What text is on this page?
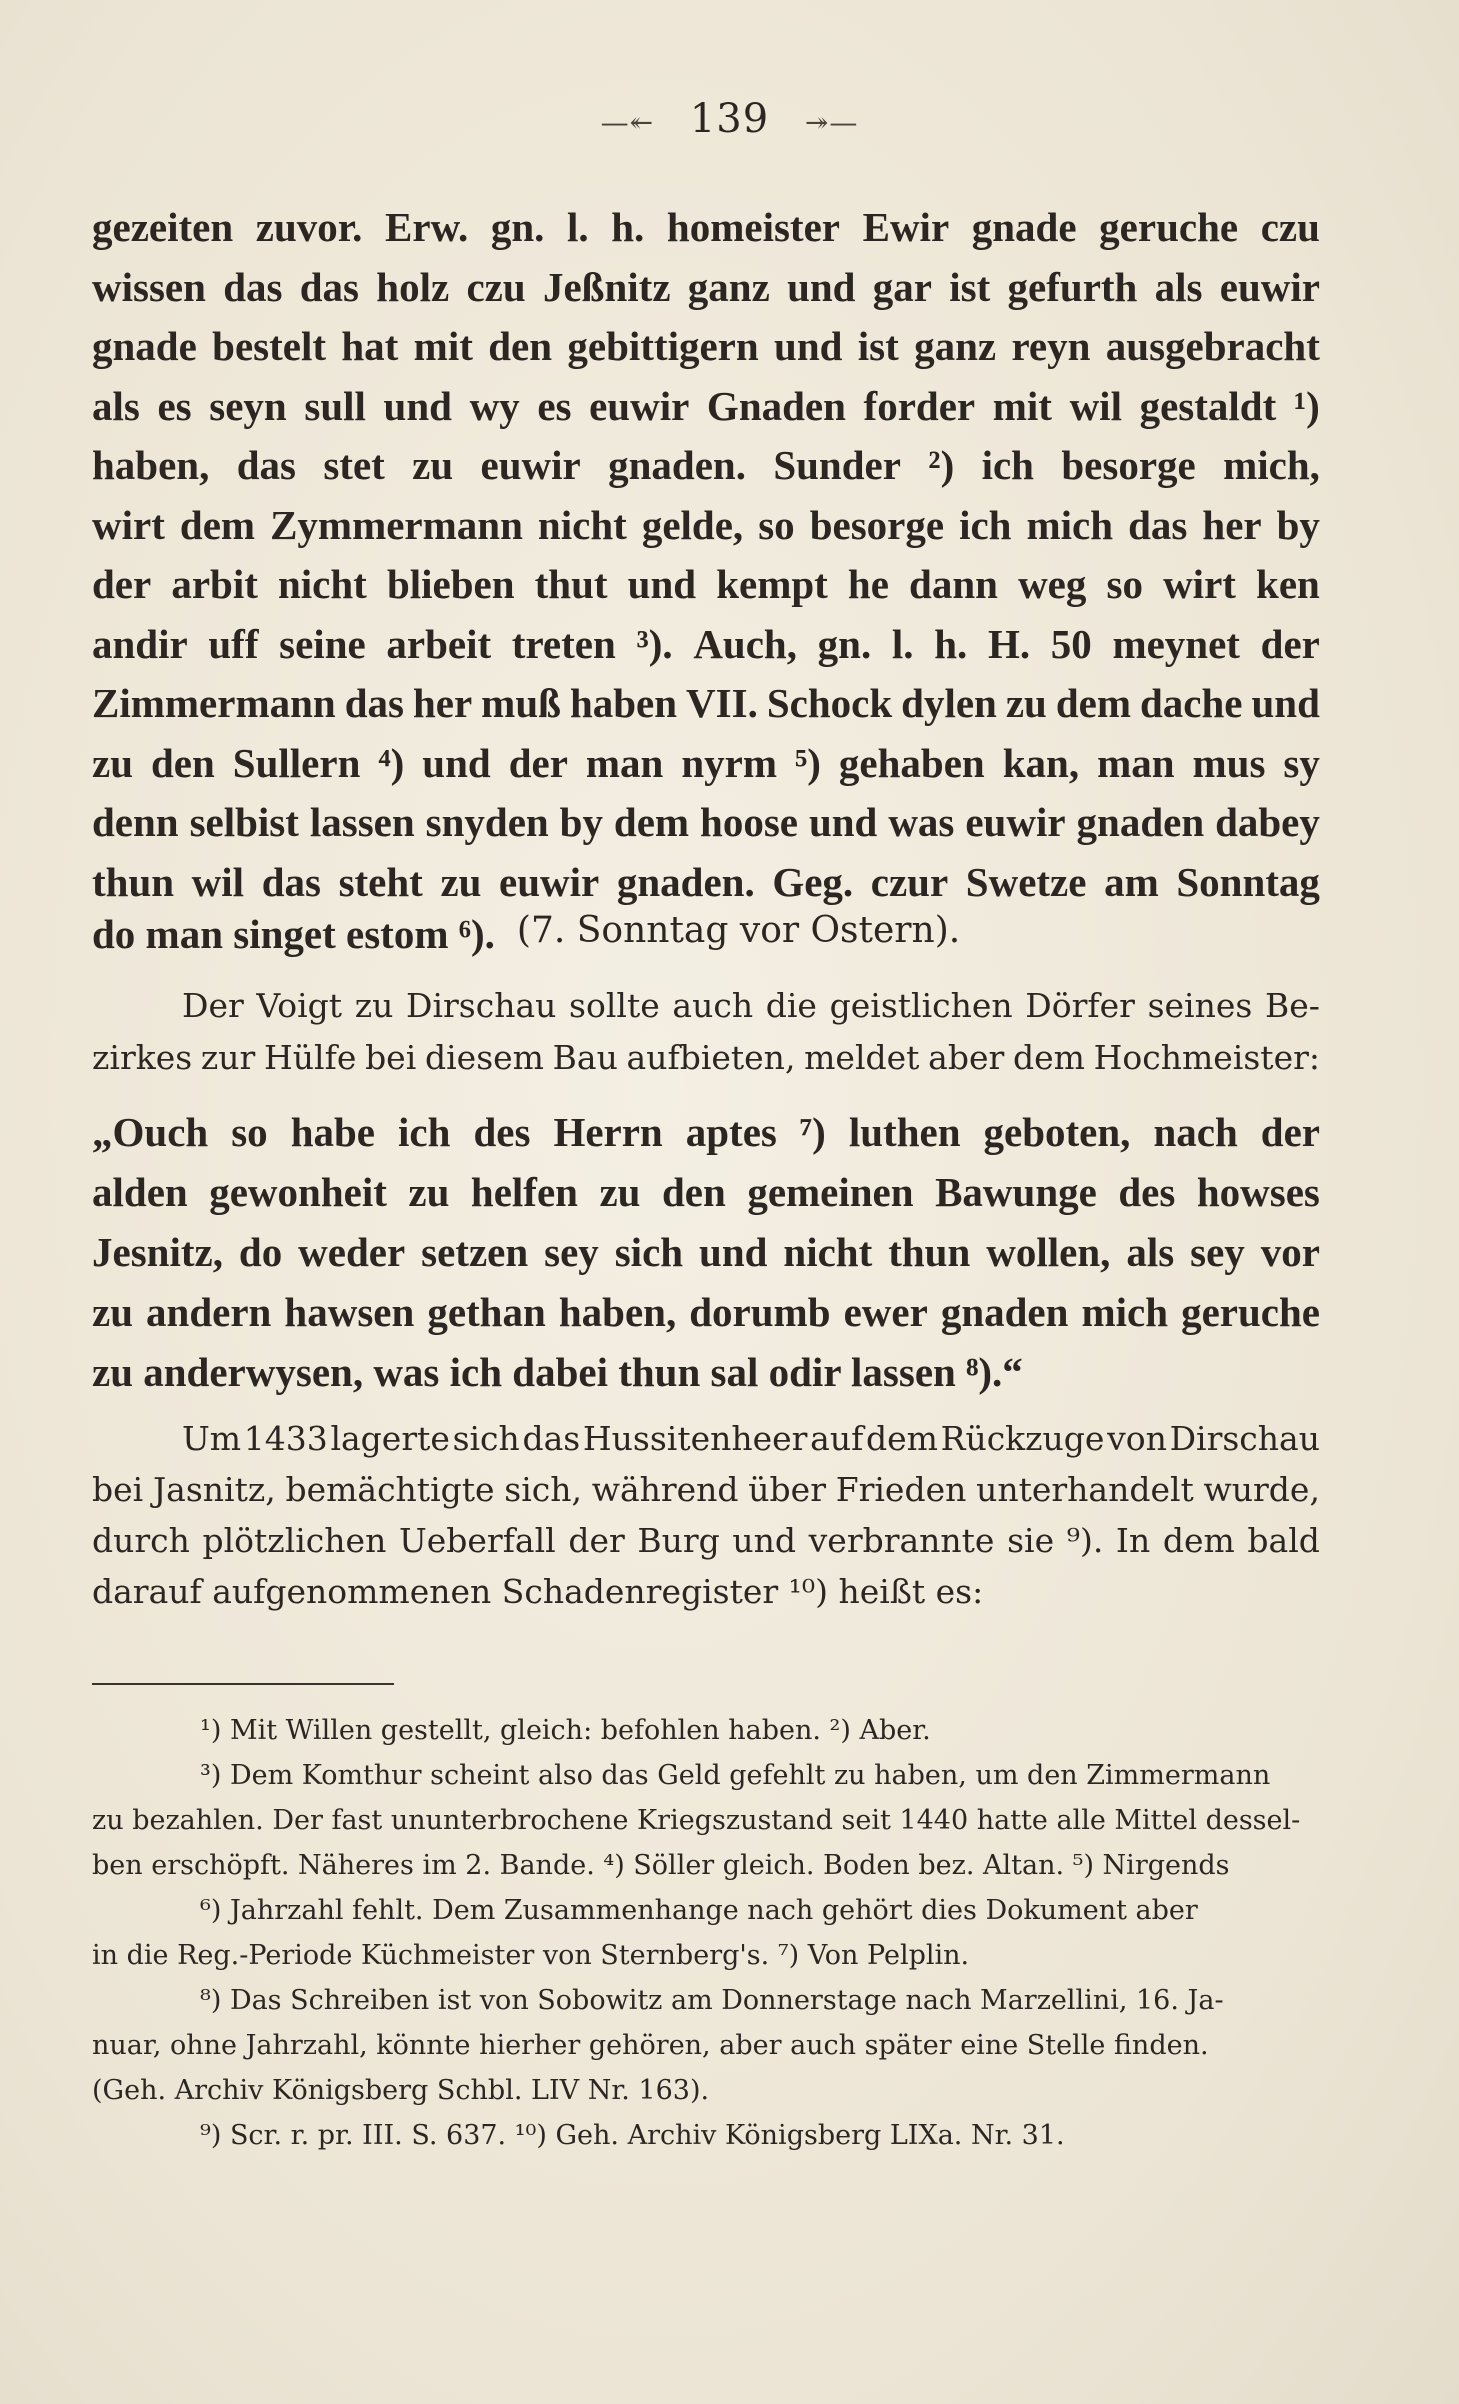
—↞ 139 ↠—
gezeiten zuvor. Erw. gn. l. h. homeister Ewir gnade geruche czu
wissen das das holz czu Jeßnitz ganz und gar ist gefurth als euwir
gnade bestelt hat mit den gebittigern und ist ganz reyn ausgebracht
als es seyn sull und wy es euwir Gnaden forder mit wil gestaldt ¹)
haben, das stet zu euwir gnaden. Sunder ²) ich besorge mich,
wirt dem Zymmermann nicht gelde, so besorge ich mich das her by
der arbit nicht blieben thut und kempt he dann weg so wirt ken
andir uff seine arbeit treten ³). Auch, gn. l. h. H. 50 meynet der
Zimmermann das her muß haben VII. Schock dylen zu dem dache und
zu den Sullern ⁴) und der man nyrm ⁵) gehaben kan, man mus sy
denn selbist lassen snyden by dem hoose und was euwir gnaden dabey
thun wil das steht zu euwir gnaden. Geg. czur Swetze am Sonntag
do man singet estom ⁶). (7. Sonntag vor Ostern).
Der Voigt zu Dirschau sollte auch die geistlichen Dörfer seines Be-
zirkes zur Hülfe bei diesem Bau aufbieten, meldet aber dem Hochmeister:
„Ouch so habe ich des Herrn aptes ⁷) luthen geboten, nach der
alden gewonheit zu helfen zu den gemeinen Bawunge des howses
Jesnitz, do weder setzen sey sich und nicht thun wollen, als sey vor
zu andern hawsen gethan haben, dorumb ewer gnaden mich geruche
zu anderwysen, was ich dabei thun sal odir lassen ⁸).“
Um 1433 lagerte sich das Hussitenheer auf dem Rückzuge von Dirschau
bei Jasnitz, bemächtigte sich, während über Frieden unterhandelt wurde,
durch plötzlichen Ueberfall der Burg und verbrannte sie ⁹). In dem bald
darauf aufgenommenen Schadenregister ¹⁰) heißt es:
¹) Mit Willen gestellt, gleich: befohlen haben. ²) Aber.
³) Dem Komthur scheint also das Geld gefehlt zu haben, um den Zimmermann
zu bezahlen. Der fast ununterbrochene Kriegszustand seit 1440 hatte alle Mittel dessel-
ben erschöpft. Näheres im 2. Bande. ⁴) Söller gleich. Boden bez. Altan. ⁵) Nirgends
⁶) Jahrzahl fehlt. Dem Zusammenhange nach gehört dies Dokument aber
in die Reg.-Periode Küchmeister von Sternberg's. ⁷) Von Pelplin.
⁸) Das Schreiben ist von Sobowitz am Donnerstage nach Marzellini, 16. Ja-
nuar, ohne Jahrzahl, könnte hierher gehören, aber auch später eine Stelle finden.
(Geh. Archiv Königsberg Schbl. LIV Nr. 163).
⁹) Scr. r. pr. III. S. 637. ¹⁰) Geh. Archiv Königsberg LIXa. Nr. 31.
